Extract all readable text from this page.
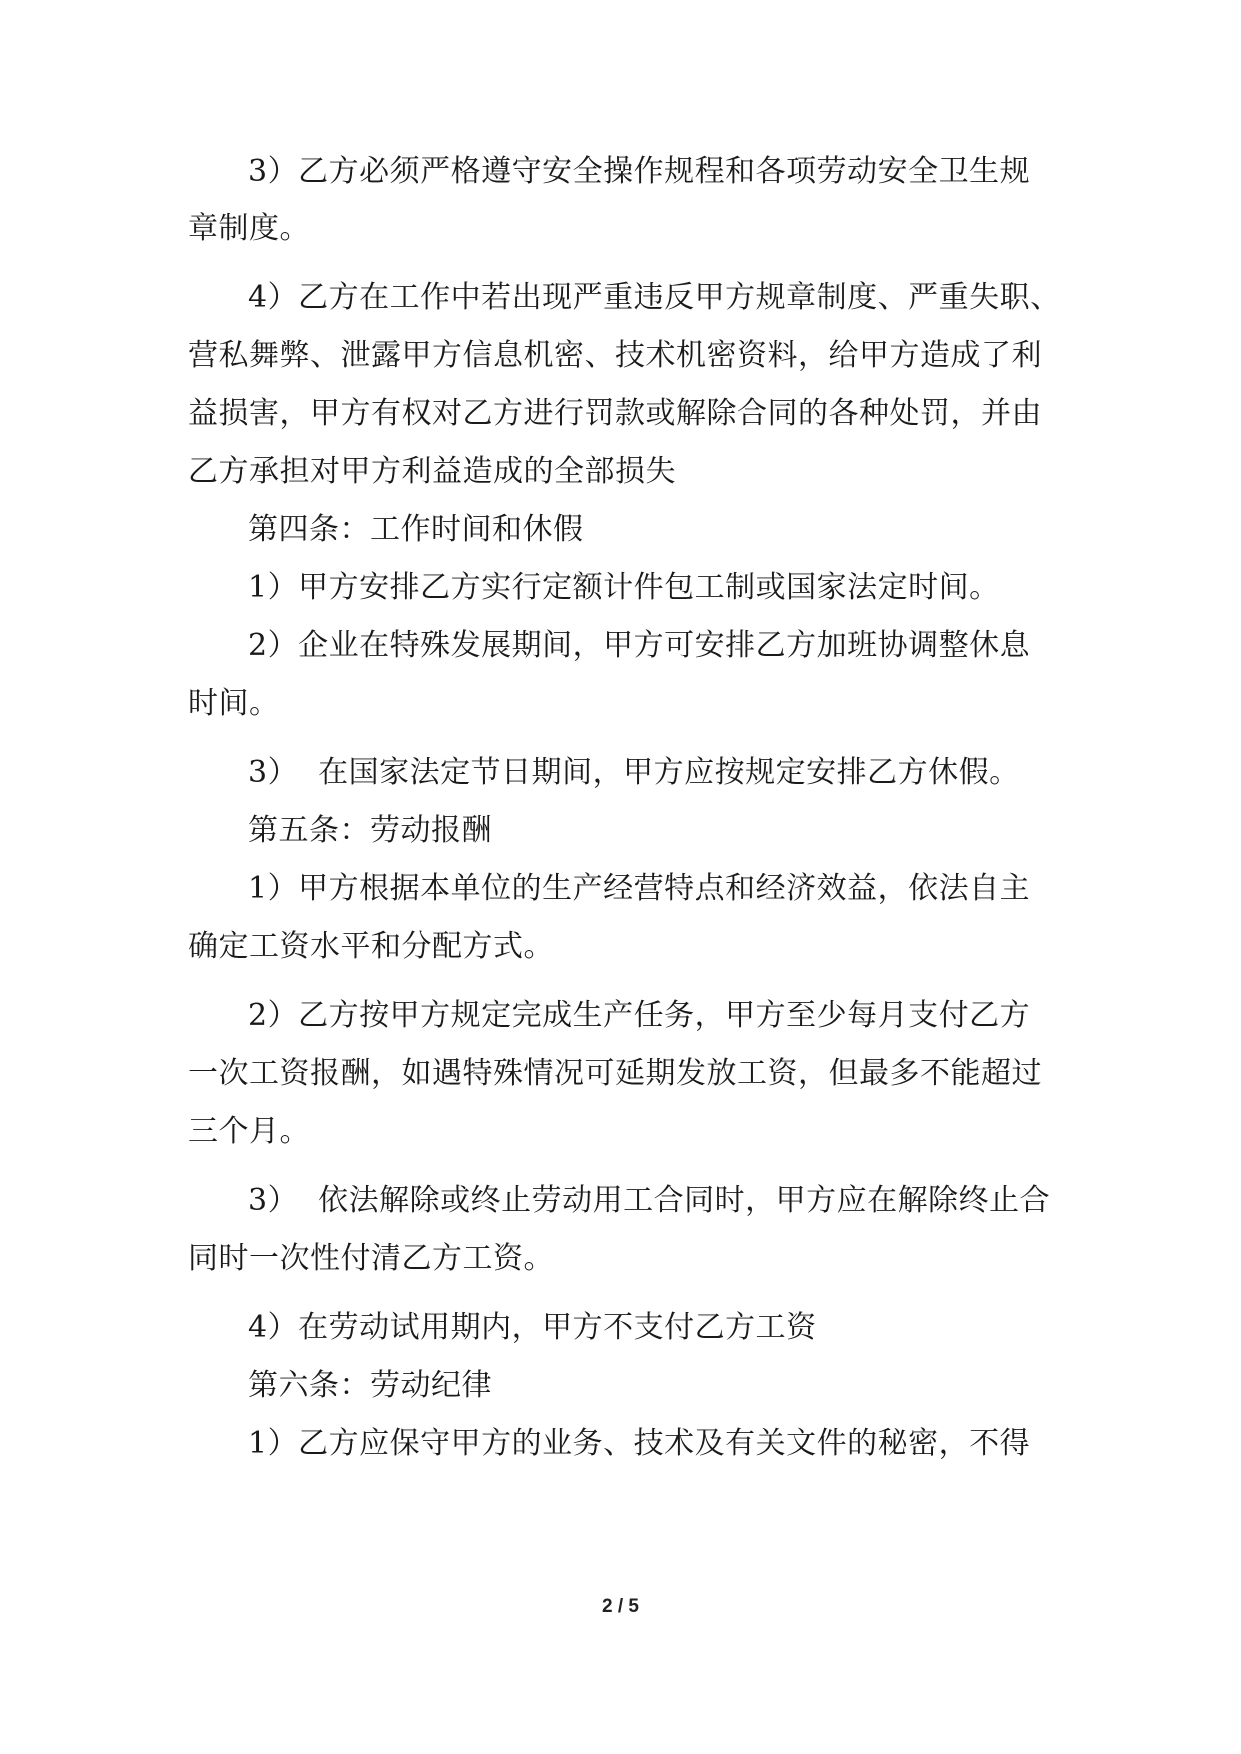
3）乙方必须严格遵守安全操作规程和各项劳动安全卫生规
章制度。
4）乙方在工作中若出现严重违反甲方规章制度、严重失职、
营私舞弊、泄露甲方信息机密、技术机密资料，给甲方造成了利
益损害，甲方有权对乙方进行罚款或解除合同的各种处罚，并由
乙方承担对甲方利益造成的全部损失
第四条：工作时间和休假
1）甲方安排乙方实行定额计件包工制或国家法定时间。
2）企业在特殊发展期间，甲方可安排乙方加班协调整休息
时间。
3）  在国家法定节日期间，甲方应按规定安排乙方休假。
第五条：劳动报酬
1）甲方根据本单位的生产经营特点和经济效益，依法自主
确定工资水平和分配方式。
2）乙方按甲方规定完成生产任务，甲方至少每月支付乙方
一次工资报酬，如遇特殊情况可延期发放工资，但最多不能超过
三个月。
3）  依法解除或终止劳动用工合同时，甲方应在解除终止合
同时一次性付清乙方工资。
4）在劳动试用期内，甲方不支付乙方工资
第六条：劳动纪律
1）乙方应保守甲方的业务、技术及有关文件的秘密，不得
2 / 5
